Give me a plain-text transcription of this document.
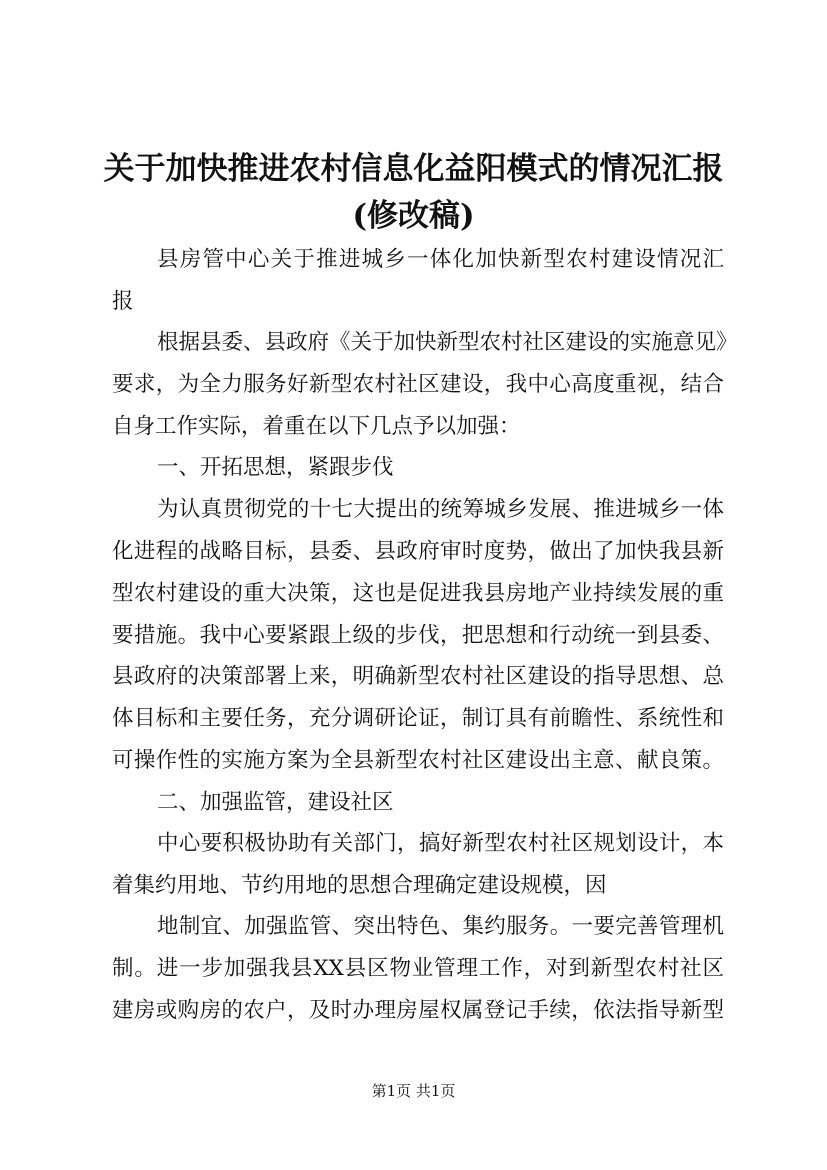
关于加快推进农村信息化益阳模式的情况汇报
(修改稿)
县房管中心关于推进城乡一体化加快新型农村建设情况汇
报
根据县委、县政府《关于加快新型农村社区建设的实施意见》
要求，为全力服务好新型农村社区建设，我中心高度重视，结合
自身工作实际，着重在以下几点予以加强：
一、开拓思想，紧跟步伐
为认真贯彻党的十七大提出的统筹城乡发展、推进城乡一体
化进程的战略目标，县委、县政府审时度势，做出了加快我县新
型农村建设的重大决策，这也是促进我县房地产业持续发展的重
要措施。我中心要紧跟上级的步伐，把思想和行动统一到县委、
县政府的决策部署上来，明确新型农村社区建设的指导思想、总
体目标和主要任务，充分调研论证，制订具有前瞻性、系统性和
可操作性的实施方案为全县新型农村社区建设出主意、献良策。
二、加强监管，建设社区
中心要积极协助有关部门，搞好新型农村社区规划设计，本
着集约用地、节约用地的思想合理确定建设规模，因
地制宜、加强监管、突出特色、集约服务。一要完善管理机
制。进一步加强我县XX县区物业管理工作，对到新型农村社区
建房或购房的农户，及时办理房屋权属登记手续，依法指导新型
第1页 共1页
